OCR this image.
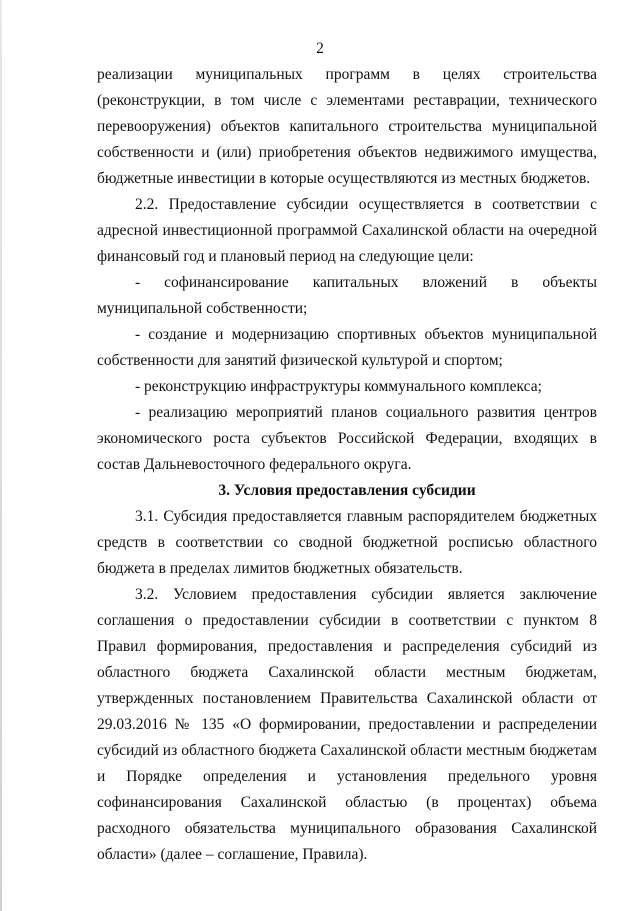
2

реализации муниципальных программ в целях строительства (реконструкции, в том числе с элементами реставрации, технического перевооружения) объектов капитального строительства муниципальной собственности и (или) приобретения объектов недвижимого имущества, бюджетные инвестиции в которые осуществляются из местных бюджетов.

2.2. Предоставление субсидии осуществляется в соответствии с адресной инвестиционной программой Сахалинской области на очередной финансовый год и плановый период на следующие цели:

- софинансирование капитальных вложений в объекты муниципальной собственности;

- создание и модернизацию спортивных объектов муниципальной собственности для занятий физической культурой и спортом;

- реконструкцию инфраструктуры коммунального комплекса;

- реализацию мероприятий планов социального развития центров экономического роста субъектов Российской Федерации, входящих в состав Дальневосточного федерального округа.

3. Условия предоставления субсидии

3.1. Субсидия предоставляется главным распорядителем бюджетных средств в соответствии со сводной бюджетной росписью областного бюджета в пределах лимитов бюджетных обязательств.

3.2. Условием предоставления субсидии является заключение соглашения о предоставлении субсидии в соответствии с пунктом 8 Правил формирования, предоставления и распределения субсидий из областного бюджета Сахалинской области местным бюджетам, утвержденных постановлением Правительства Сахалинской области от 29.03.2016 № 135 «О формировании, предоставлении и распределении субсидий из областного бюджета Сахалинской области местным бюджетам и Порядке определения и установления предельного уровня софинансирования Сахалинской областью (в процентах) объема расходного обязательства муниципального образования Сахалинской области» (далее – соглашение, Правила).
